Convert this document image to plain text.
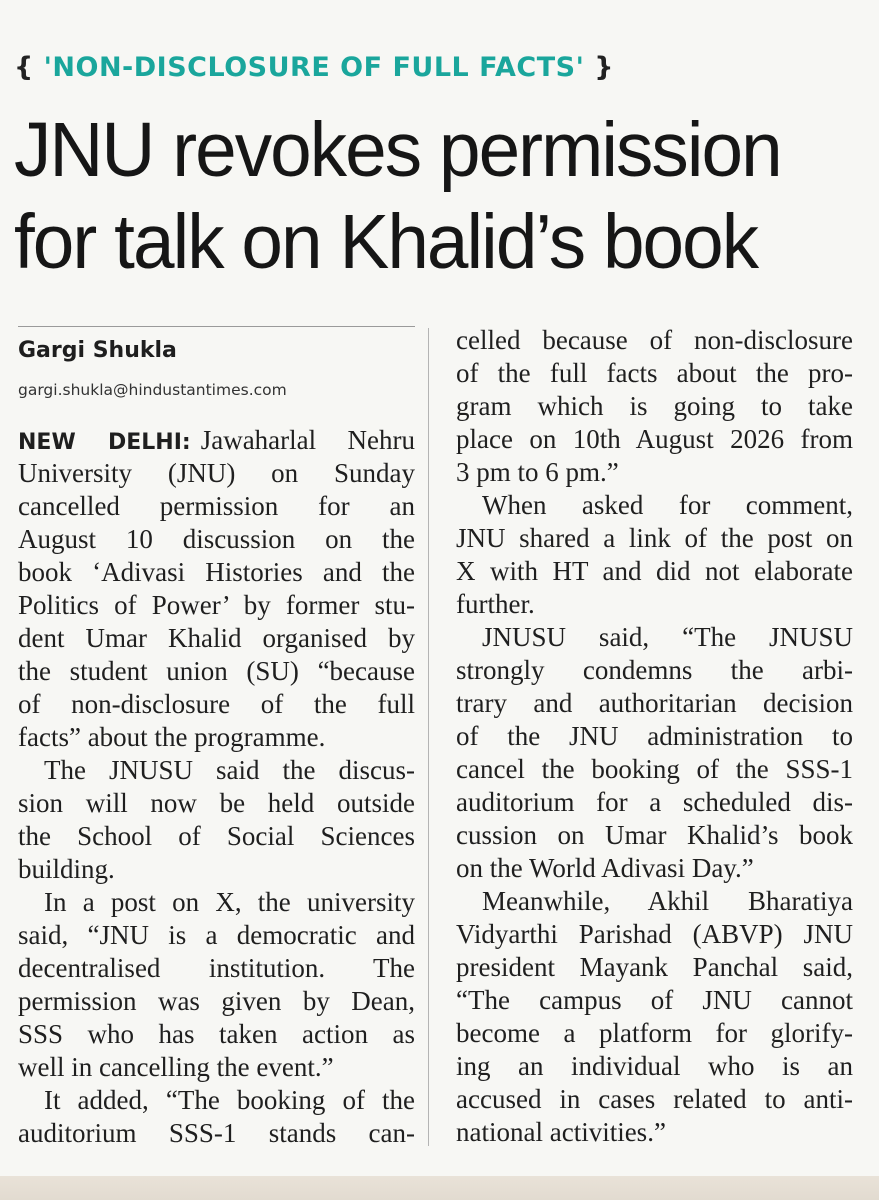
{ 'NON-DISCLOSURE OF FULL FACTS' }
JNU revokes permission
for talk on Khalid’s book
Gargi Shukla
gargi.shukla@hindustantimes.com
NEW DELHI: Jawaharlal Nehru
University (JNU) on Sunday
cancelled permission for an
August 10 discussion on the
book ‘Adivasi Histories and the
Politics of Power’ by former stu-
dent Umar Khalid organised by
the student union (SU) “because
of non-disclosure of the full
facts” about the programme.
The JNUSU said the discus-
sion will now be held outside
the School of Social Sciences
building.
In a post on X, the university
said, “JNU is a democratic and
decentralised institution. The
permission was given by Dean,
SSS who has taken action as
well in cancelling the event.”
It added, “The booking of the
auditorium SSS-1 stands can-
celled because of non-disclosure
of the full facts about the pro-
gram which is going to take
place on 10th August 2026 from
3 pm to 6 pm.”
When asked for comment,
JNU shared a link of the post on
X with HT and did not elaborate
further.
JNUSU said, “The JNUSU
strongly condemns the arbi-
trary and authoritarian decision
of the JNU administration to
cancel the booking of the SSS-1
auditorium for a scheduled dis-
cussion on Umar Khalid’s book
on the World Adivasi Day.”
Meanwhile, Akhil Bharatiya
Vidyarthi Parishad (ABVP) JNU
president Mayank Panchal said,
“The campus of JNU cannot
become a platform for glorify-
ing an individual who is an
accused in cases related to anti-
national activities.”
